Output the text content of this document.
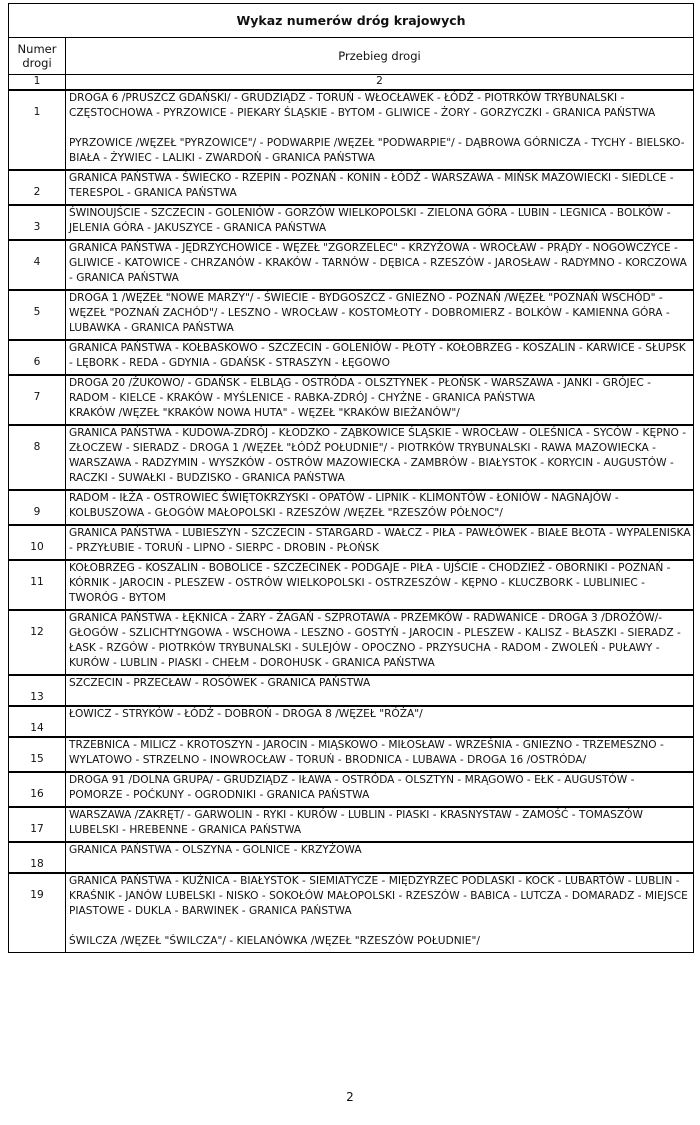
Wykaz numerów dróg krajowych	
Numer drogi	Przebieg drogi
1	2
1	DROGA 6 /PRUSZCZ GDAŃSKI/ - GRUDZIĄDZ - TORUŃ - WŁOCŁAWEK - ŁÓDŹ - PIOTRKÓW TRYBUNALSKI - CZĘSTOCHOWA - PYRZOWICE - PIEKARY ŚLĄSKIE - BYTOM - GLIWICE - ŻORY - GORZYCZKI - GRANICA PAŃSTWA
PYRZOWICE /WĘZEŁ "PYRZOWICE"/ - PODWARPIE /WĘZEŁ "PODWARPIE"/ - DĄBROWA GÓRNICZA - TYCHY - BIELSKO-BIAŁA - ŻYWIEC - LALIKI - ZWARDOŃ - GRANICA PAŃSTWA

2	GRANICA PAŃSTWA - ŚWIECKO - RZEPIN - POZNAŃ - KONIN - ŁÓDŹ - WARSZAWA - MIŃSK MAZOWIECKI - SIEDLCE - TERESPOL - GRANICA PAŃSTWA

3	ŚWINOUJŚCIE - SZCZECIN - GOLENIÓW - GORZÓW WIELKOPOLSKI - ZIELONA GÓRA - LUBIN - LEGNICA - BOLKÓW - JELENIA GÓRA - JAKUSZYCE - GRANICA PAŃSTWA

4	GRANICA PAŃSTWA - JĘDRZYCHOWICE - WĘZEŁ "ZGORZELEC" - KRZYŻOWA - WROCŁAW - PRĄDY - NOGOWCZYCE - GLIWICE - KATOWICE - CHRZANÓW - KRAKÓW - TARNÓW - DĘBICA - RZESZÓW - JAROSŁAW - RADYMNO - KORCZOWA - GRANICA PAŃSTWA

5	DROGA 1 /WĘZEŁ "NOWE MARZY"/ - ŚWIECIE - BYDGOSZCZ - GNIEZNO - POZNAŃ /WĘZEŁ "POZNAŃ WSCHÓD" - WĘZEŁ "POZNAŃ ZACHÓD"/ - LESZNO - WROCŁAW - KOSTOMŁOTY - DOBROMIERZ - BOLKÓW - KAMIENNA GÓRA - LUBAWKA - GRANICA PAŃSTWA

6	GRANICA PAŃSTWA - KOŁBASKOWO - SZCZECIN - GOLENIÓW - PŁOTY - KOŁOBRZEG - KOSZALIN - KARWICE - SŁUPSK - LĘBORK - REDA - GDYNIA - GDAŃSK - STRASZYN - ŁĘGOWO

7	DROGA 20 /ŻUKOWO/ - GDAŃSK - ELBLĄG - OSTRÓDA - OLSZTYNEK - PŁOŃSK - WARSZAWA - JANKI - GRÓJEC - RADOM - KIELCE - KRAKÓW - MYŚLENICE - RABKA-ZDRÓJ - CHYŻNE - GRANICA PAŃSTWA
KRAKÓW /WĘZEŁ "KRAKÓW NOWA HUTA" - WĘZEŁ "KRAKÓW BIEŻANÓW"/

8	GRANICA PAŃSTWA - KUDOWA-ZDRÓJ - KŁODZKO - ZĄBKOWICE ŚLĄSKIE - WROCŁAW - OLEŚNICA - SYCÓW - KĘPNO - ZŁOCZEW - SIERADZ - DROGA 1 /WĘZEŁ "ŁÓDŹ POŁUDNIE"/ - PIOTRKÓW TRYBUNALSKI - RAWA MAZOWIECKA - WARSZAWA - RADZYMIN - WYSZKÓW - OSTRÓW MAZOWIECKA - ZAMBRÓW - BIAŁYSTOK - KORYCIN - AUGUSTÓW - RACZKI - SUWAŁKI - BUDZISKO - GRANICA PAŃSTWA

9	RADOM - IŁŻA - OSTROWIEC ŚWIĘTOKRZYSKI - OPATÓW - LIPNIK - KLIMONTÓW - ŁONIÓW - NAGNAJÓW - KOLBUSZOWA - GŁOGÓW MAŁOPOLSKI - RZESZÓW /WĘZEŁ "RZESZÓW PÓŁNOC"/

10	GRANICA PAŃSTWA - LUBIESZYN - SZCZECIN - STARGARD - WAŁCZ - PIŁA - PAWŁÓWEK - BIAŁE BŁOTA - WYPALENISKA - PRZYŁUBIE - TORUŃ - LIPNO - SIERPC - DROBIN - PŁOŃSK

11	KOŁOBRZEG - KOSZALIN - BOBOLICE - SZCZECINEK - PODGAJE - PIŁA - UJŚCIE - CHODZIEŻ - OBORNIKI - POZNAŃ - KÓRNIK - JAROCIN - PLESZEW - OSTRÓW WIELKOPOLSKI - OSTRZESZÓW - KĘPNO - KLUCZBORK - LUBLINIEC - TWORÓG - BYTOM

12	GRANICA PAŃSTWA - ŁĘKNICA - ŻARY - ŻAGAŃ - SZPROTAWA - PRZEMKÓW - RADWANICE - DROGA 3 /DROŻÓW/- GŁOGÓW - SZLICHTYNGOWA - WSCHOWA - LESZNO - GOSTYŃ - JAROCIN - PLESZEW - KALISZ - BŁASZKI - SIERADZ - ŁASK - RZGÓW - PIOTRKÓW TRYBUNALSKI - SULEJÓW - OPOCZNO - PRZYSUCHA - RADOM - ZWOLEŃ - PUŁAWY - KURÓW - LUBLIN - PIASKI - CHEŁM - DOROHUSK - GRANICA PAŃSTWA

13	SZCZECIN - PRZECŁAW - ROSÓWEK - GRANICA PAŃSTWA

14	ŁOWICZ - STRYKÓW - ŁÓDŹ - DOBROŃ - DROGA 8 /WĘZEŁ "RÓŻA"/

15	TRZEBNICA - MILICZ - KROTOSZYN - JAROCIN - MIĄSKOWO - MIŁOSŁAW - WRZEŚNIA - GNIEZNO - TRZEMESZNO - WYLATOWO - STRZELNO - INOWROCŁAW - TORUŃ - BRODNICA - LUBAWA - DROGA 16 /OSTRÓDA/

16	DROGA 91 /DOLNA GRUPA/ - GRUDZIĄDZ - IŁAWA - OSTRÓDA - OLSZTYN - MRĄGOWO - EŁK - AUGUSTÓW - POMORZE - POĆKUNY - OGRODNIKI - GRANICA PAŃSTWA

17	WARSZAWA /ZAKRĘT/ - GARWOLIN - RYKI - KURÓW - LUBLIN - PIASKI - KRASNYSTAW - ZAMOŚĆ - TOMASZÓW LUBELSKI - HREBENNE - GRANICA PAŃSTWA

18	GRANICA PAŃSTWA - OLSZYNA - GOLNICE - KRZYŻOWA

19	GRANICA PAŃSTWA - KUŹNICA - BIAŁYSTOK - SIEMIATYCZE - MIĘDZYRZEC PODLASKI - KOCK - LUBARTÓW - LUBLIN - KRAŚNIK - JANÓW LUBELSKI - NISKO - SOKOŁÓW MAŁOPOLSKI - RZESZÓW - BABICA - LUTCZA - DOMARADZ - MIEJSCE PIASTOWE - DUKLA - BARWINEK - GRANICA PAŃSTWA
ŚWILCZA /WĘZEŁ "ŚWILCZA"/ - KIELANÓWKA /WĘZEŁ "RZESZÓW POŁUDNIE"/
2
